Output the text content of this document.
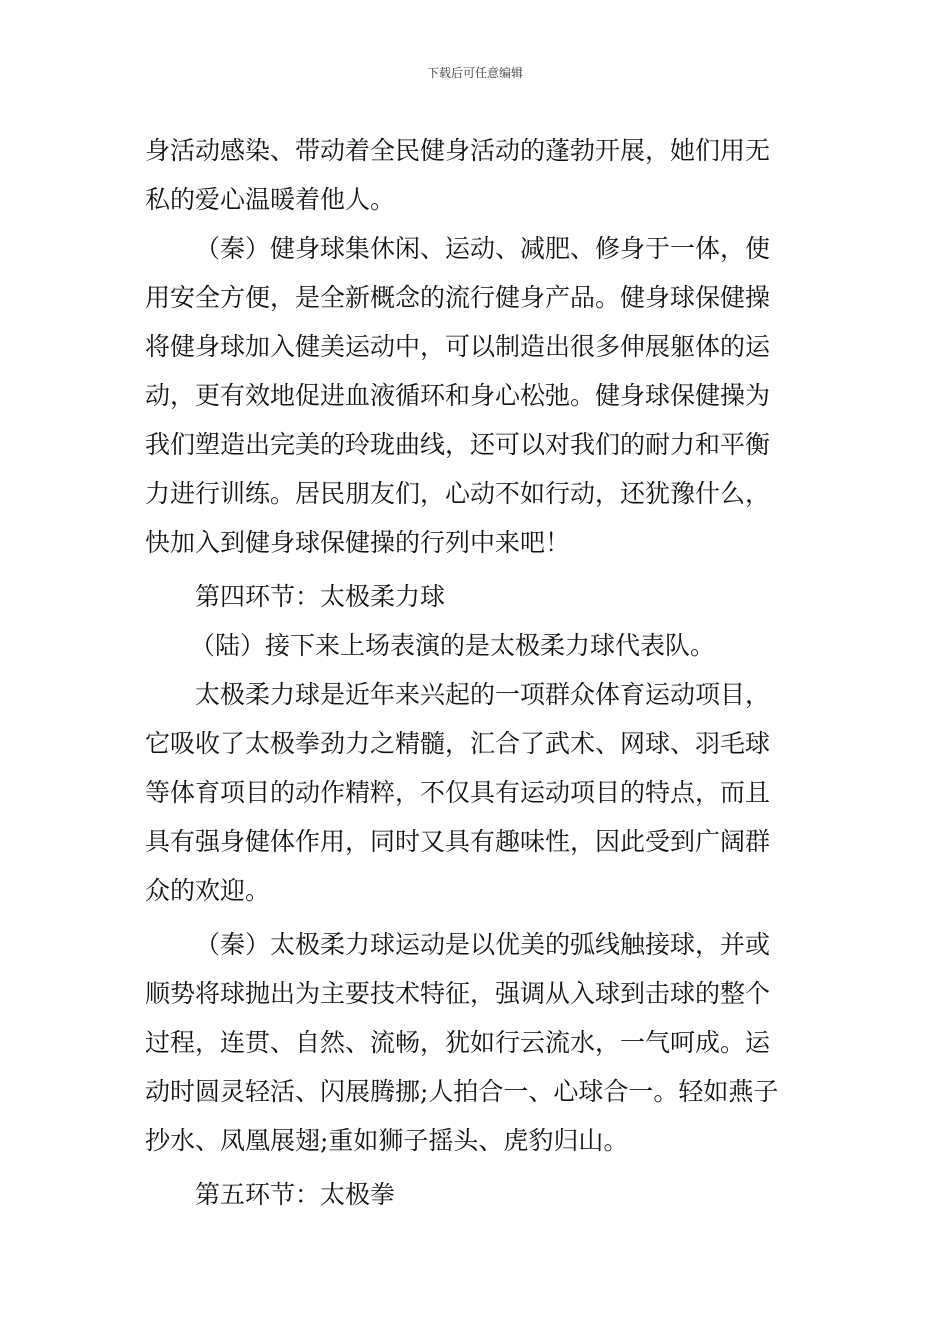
下载后可任意编辑
身活动感染、带动着全民健身活动的蓬勃开展，她们用无
私的爱心温暖着他人。
（秦）健身球集休闲、运动、减肥、修身于一体，使
用安全方便，是全新概念的流行健身产品。健身球保健操
将健身球加入健美运动中，可以制造出很多伸展躯体的运
动，更有效地促进血液循环和身心松弛。健身球保健操为
我们塑造出完美的玲珑曲线，还可以对我们的耐力和平衡
力进行训练。居民朋友们，心动不如行动，还犹豫什么，
快加入到健身球保健操的行列中来吧！
第四环节：太极柔力球
（陆）接下来上场表演的是太极柔力球代表队。
太极柔力球是近年来兴起的一项群众体育运动项目，
它吸收了太极拳劲力之精髓，汇合了武术、网球、羽毛球
等体育项目的动作精粹，不仅具有运动项目的特点，而且
具有强身健体作用，同时又具有趣味性，因此受到广阔群
众的欢迎。
（秦）太极柔力球运动是以优美的弧线触接球，并或
顺势将球抛出为主要技术特征，强调从入球到击球的整个
过程，连贯、自然、流畅，犹如行云流水，一气呵成。运
动时圆灵轻活、闪展腾挪;人拍合一、心球合一。轻如燕子
抄水、凤凰展翅;重如狮子摇头、虎豹归山。
第五环节：太极拳
